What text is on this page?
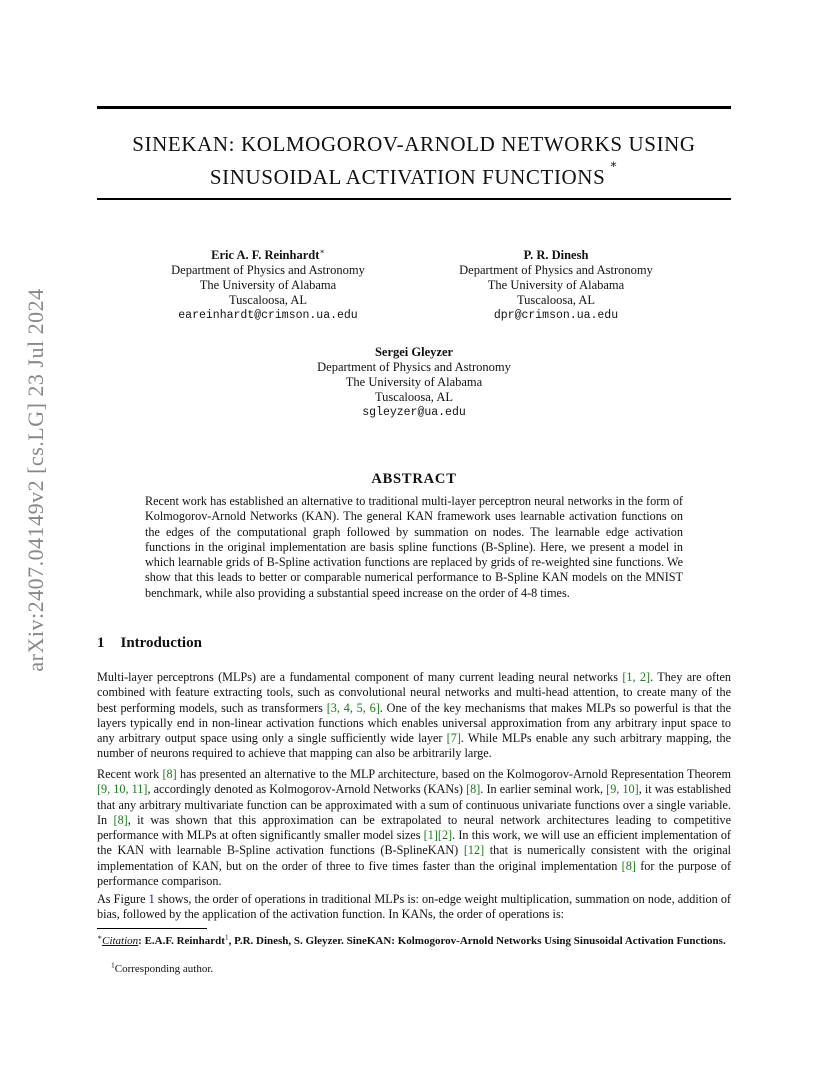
arXiv:2407.04149v2 [cs.LG] 23 Jul 2024
SINEKAN: KOLMOGOROV-ARNOLD NETWORKS USING
SINUSOIDAL ACTIVATION FUNCTIONS∗
Eric A. F. Reinhardt∗
Department of Physics and Astronomy
The University of Alabama
Tuscaloosa, AL
eareinhardt@crimson.ua.edu
P. R. Dinesh
Department of Physics and Astronomy
The University of Alabama
Tuscaloosa, AL
dpr@crimson.ua.edu
Sergei Gleyzer
Department of Physics and Astronomy
The University of Alabama
Tuscaloosa, AL
sgleyzer@ua.edu
ABSTRACT
Recent work has established an alternative to traditional multi-layer perceptron neural networks in the form of Kolmogorov-Arnold Networks (KAN). The general KAN framework uses learnable activation functions on the edges of the computational graph followed by summation on nodes. The learnable edge activation functions in the original implementation are basis spline functions (B-Spline). Here, we present a model in which learnable grids of B-Spline activation functions are replaced by grids of re-weighted sine functions. We show that this leads to better or comparable numerical performance to B-Spline KAN models on the MNIST benchmark, while also providing a substantial speed increase on the order of 4-8 times.
1 Introduction

Multi-layer perceptrons (MLPs) are a fundamental component of many current leading neural networks [1, 2]. They are often combined with feature extracting tools, such as convolutional neural networks and multi-head attention, to create many of the best performing models, such as transformers [3, 4, 5, 6]. One of the key mechanisms that makes MLPs so powerful is that the layers typically end in non-linear activation functions which enables universal approximation from any arbitrary input space to any arbitrary output space using only a single sufficiently wide layer [7]. While MLPs enable any such arbitrary mapping, the number of neurons required to achieve that mapping can also be arbitrarily large.

Recent work [8] has presented an alternative to the MLP architecture, based on the Kolmogorov-Arnold Representation Theorem [9, 10, 11], accordingly denoted as Kolmogorov-Arnold Networks (KANs) [8]. In earlier seminal work, [9, 10], it was established that any arbitrary multivariate function can be approximated with a sum of continuous univariate functions over a single variable. In [8], it was shown that this approximation can be extrapolated to neural network architectures leading to competitive performance with MLPs at often significantly smaller model sizes [1][2]. In this work, we will use an efficient implementation of the KAN with learnable B-Spline activation functions (B-SplineKAN) [12] that is numerically consistent with the original implementation of KAN, but on the order of three to five times faster than the original implementation [8] for the purpose of performance comparison.

As Figure 1 shows, the order of operations in traditional MLPs is: on-edge weight multiplication, summation on node, addition of bias, followed by the application of the activation function. In KANs, the order of operations is:

∗Citation: E.A.F. Reinhardt$^1$, P.R. Dinesh, S. Gleyzer. SineKAN: Kolmogorov-Arnold Networks Using Sinusoidal Activation Functions.

$^1$Corresponding author.
